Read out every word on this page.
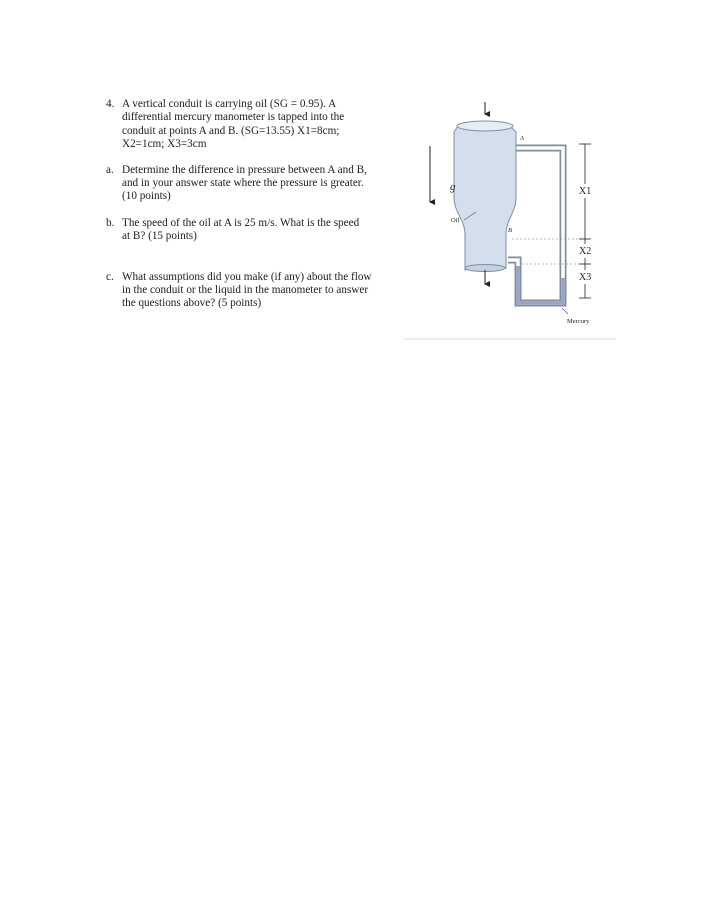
4. A vertical conduit is carrying oil (SG = 0.95). A
differential mercury manometer is tapped into the
conduit at points A and B. (SG=13.55) X1=8cm;
X2=1cm; X3=3cm
a. Determine the difference in pressure between A and B,
and in your answer state where the pressure is greater.
(10 points)
b. The speed of the oil at A is 25 m/s. What is the speed
at B? (15 points)
c. What assumptions did you make (if any) about the flow
in the conduit or the liquid in the manometer to answer
the questions above? (5 points)
g
Oil
A
B
X1
X2
X3
Mercury
